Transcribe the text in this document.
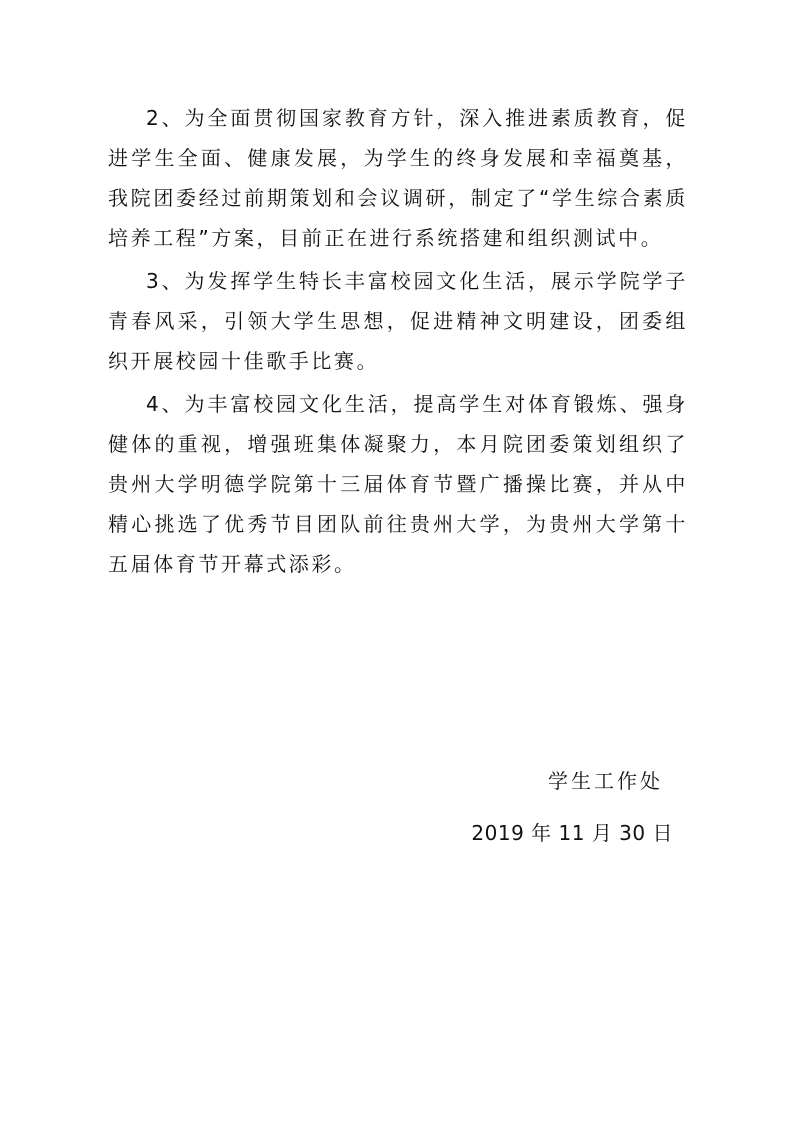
2、为全面贯彻国家教育方针，深入推进素质教育，促进学生全面、健康发展，为学生的终身发展和幸福奠基，我院团委经过前期策划和会议调研，制定了“学生综合素质培养工程”方案，目前正在进行系统搭建和组织测试中。

3、为发挥学生特长丰富校园文化生活，展示学院学子青春风采，引领大学生思想，促进精神文明建设，团委组织开展校园十佳歌手比赛。

4、为丰富校园文化生活，提高学生对体育锻炼、强身健体的重视，增强班集体凝聚力，本月院团委策划组织了贵州大学明德学院第十三届体育节暨广播操比赛，并从中精心挑选了优秀节目团队前往贵州大学，为贵州大学第十五届体育节开幕式添彩。

学生工作处
2019 年 11 月 30 日
